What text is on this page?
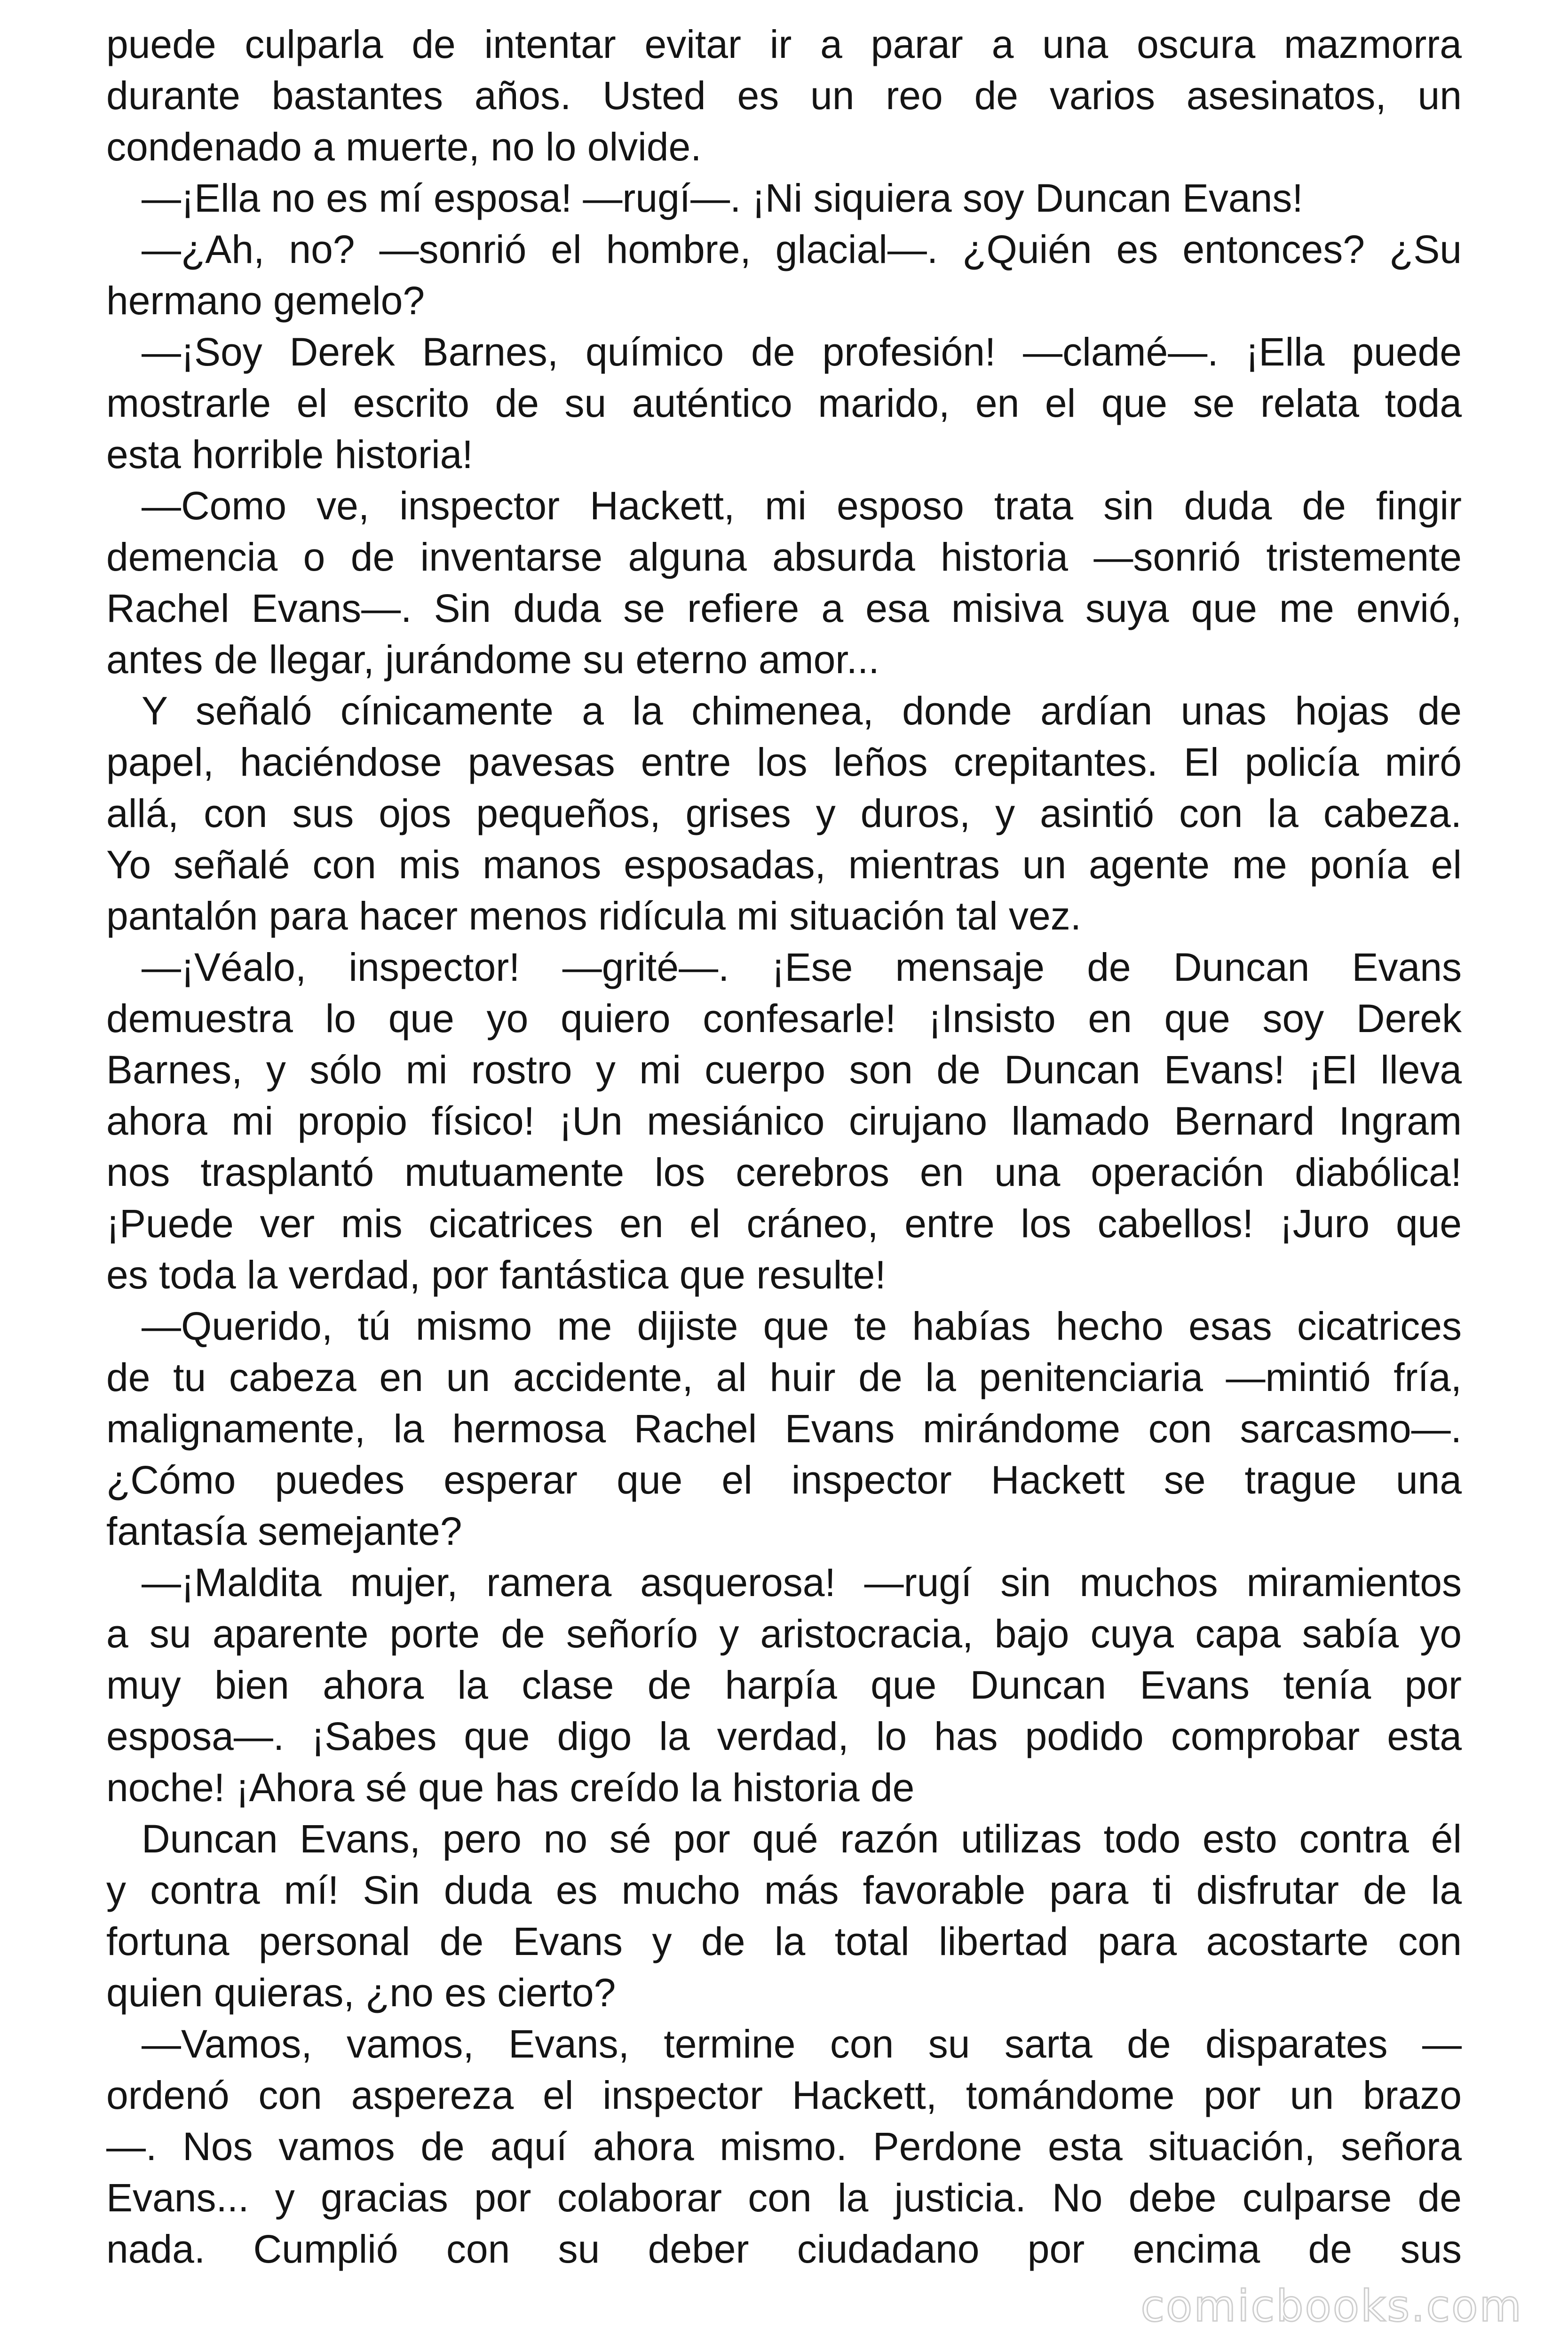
puede culparla de intentar evitar ir a parar a una oscura mazmorra
durante bastantes años. Usted es un reo de varios asesinatos, un
condenado a muerte, no lo olvide.
—¡Ella no es mí esposa! —rugí—. ¡Ni siquiera soy Duncan Evans!
—¿Ah, no? —sonrió el hombre, glacial—. ¿Quién es entonces? ¿Su
hermano gemelo?
—¡Soy Derek Barnes, químico de profesión! —clamé—. ¡Ella puede
mostrarle el escrito de su auténtico marido, en el que se relata toda
esta horrible historia!
—Como ve, inspector Hackett, mi esposo trata sin duda de fingir
demencia o de inventarse alguna absurda historia —sonrió tristemente
Rachel Evans—. Sin duda se refiere a esa misiva suya que me envió,
antes de llegar, jurándome su eterno amor...
Y señaló cínicamente a la chimenea, donde ardían unas hojas de
papel, haciéndose pavesas entre los leños crepitantes. El policía miró
allá, con sus ojos pequeños, grises y duros, y asintió con la cabeza.
Yo señalé con mis manos esposadas, mientras un agente me ponía el
pantalón para hacer menos ridícula mi situación tal vez.
—¡Véalo, inspector! —grité—. ¡Ese mensaje de Duncan Evans
demuestra lo que yo quiero confesarle! ¡Insisto en que soy Derek
Barnes, y sólo mi rostro y mi cuerpo son de Duncan Evans! ¡El lleva
ahora mi propio físico! ¡Un mesiánico cirujano llamado Bernard Ingram
nos trasplantó mutuamente los cerebros en una operación diabólica!
¡Puede ver mis cicatrices en el cráneo, entre los cabellos! ¡Juro que
es toda la verdad, por fantástica que resulte!
—Querido, tú mismo me dijiste que te habías hecho esas cicatrices
de tu cabeza en un accidente, al huir de la penitenciaria —mintió fría,
malignamente, la hermosa Rachel Evans mirándome con sarcasmo—.
¿Cómo puedes esperar que el inspector Hackett se trague una
fantasía semejante?
—¡Maldita mujer, ramera asquerosa! —rugí sin muchos miramientos
a su aparente porte de señorío y aristocracia, bajo cuya capa sabía yo
muy bien ahora la clase de harpía que Duncan Evans tenía por
esposa—. ¡Sabes que digo la verdad, lo has podido comprobar esta
noche! ¡Ahora sé que has creído la historia de
Duncan Evans, pero no sé por qué razón utilizas todo esto contra él
y contra mí! Sin duda es mucho más favorable para ti disfrutar de la
fortuna personal de Evans y de la total libertad para acostarte con
quien quieras, ¿no es cierto?
—Vamos, vamos, Evans, termine con su sarta de disparates —
ordenó con aspereza el inspector Hackett, tomándome por un brazo
—. Nos vamos de aquí ahora mismo. Perdone esta situación, señora
Evans... y gracias por colaborar con la justicia. No debe culparse de
nada. Cumplió con su deber ciudadano por encima de sus
comicbooks.com
